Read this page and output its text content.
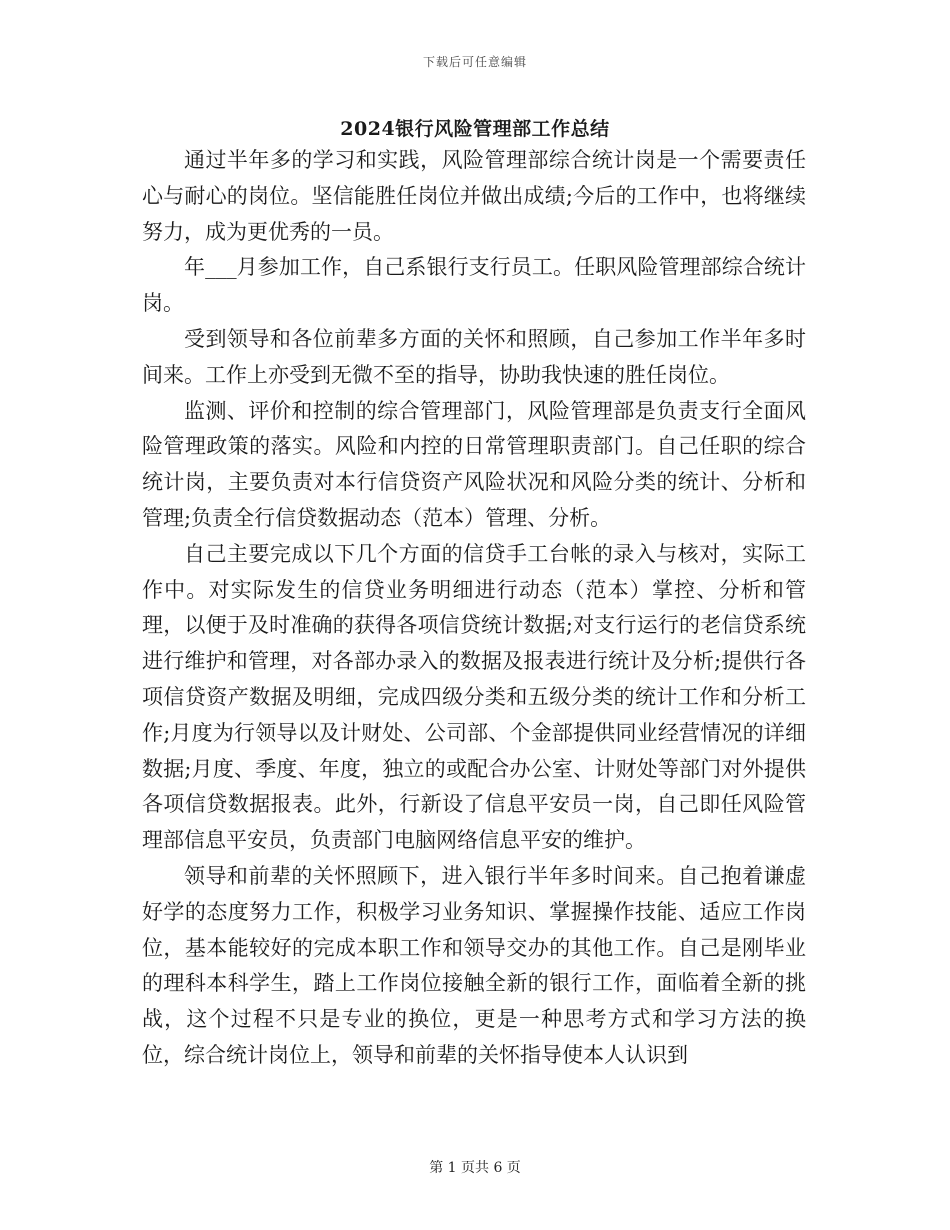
下载后可任意编辑
2024银行风险管理部工作总结

通过半年多的学习和实践，风险管理部综合统计岗是一个需要责任心与耐心的岗位。坚信能胜任岗位并做出成绩;今后的工作中，也将继续努力，成为更优秀的一员。

年___月参加工作，自己系银行支行员工。任职风险管理部综合统计岗。

受到领导和各位前辈多方面的关怀和照顾，自己参加工作半年多时间来。工作上亦受到无微不至的指导，协助我快速的胜任岗位。

监测、评价和控制的综合管理部门，风险管理部是负责支行全面风险管理政策的落实。风险和内控的日常管理职责部门。自己任职的综合统计岗，主要负责对本行信贷资产风险状况和风险分类的统计、分析和管理;负责全行信贷数据动态（范本）管理、分析。

自己主要完成以下几个方面的信贷手工台帐的录入与核对，实际工作中。对实际发生的信贷业务明细进行动态（范本）掌控、分析和管理，以便于及时准确的获得各项信贷统计数据;对支行运行的老信贷系统进行维护和管理，对各部办录入的数据及报表进行统计及分析;提供行各项信贷资产数据及明细，完成四级分类和五级分类的统计工作和分析工作;月度为行领导以及计财处、公司部、个金部提供同业经营情况的详细数据;月度、季度、年度，独立的或配合办公室、计财处等部门对外提供各项信贷数据报表。此外，行新设了信息平安员一岗，自己即任风险管理部信息平安员，负责部门电脑网络信息平安的维护。

领导和前辈的关怀照顾下，进入银行半年多时间来。自己抱着谦虚好学的态度努力工作，积极学习业务知识、掌握操作技能、适应工作岗位，基本能较好的完成本职工作和领导交办的其他工作。自己是刚毕业的理科本科学生，踏上工作岗位接触全新的银行工作，面临着全新的挑战，这个过程不只是专业的换位，更是一种思考方式和学习方法的换位，综合统计岗位上，领导和前辈的关怀指导使本人认识到

第 1 页共 6 页
